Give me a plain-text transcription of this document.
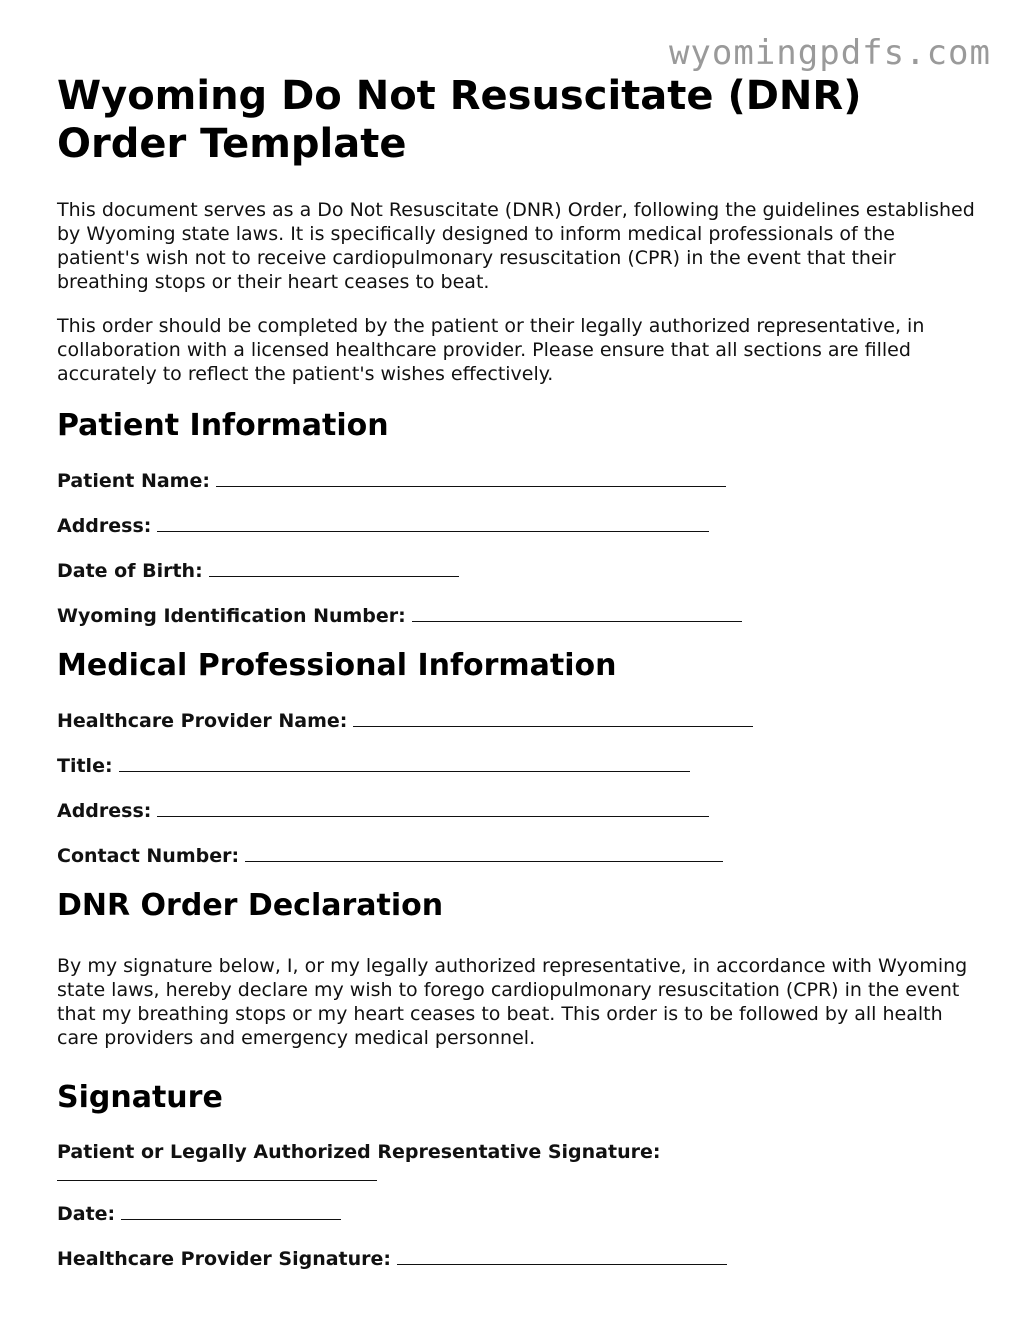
wyomingpdfs.com
Wyoming Do Not Resuscitate (DNR) Order Template

This document serves as a Do Not Resuscitate (DNR) Order, following the guidelines established by Wyoming state laws. It is specifically designed to inform medical professionals of the patient's wish not to receive cardiopulmonary resuscitation (CPR) in the event that their breathing stops or their heart ceases to beat.

This order should be completed by the patient or their legally authorized representative, in collaboration with a licensed healthcare provider. Please ensure that all sections are filled accurately to reflect the patient's wishes effectively.

Patient Information
Patient Name:
Address:
Date of Birth:
Wyoming Identification Number:
Medical Professional Information
Healthcare Provider Name:
Title:
Address:
Contact Number:
DNR Order Declaration

By my signature below, I, or my legally authorized representative, in accordance with Wyoming state laws, hereby declare my wish to forego cardiopulmonary resuscitation (CPR) in the event that my breathing stops or my heart ceases to beat. This order is to be followed by all health care providers and emergency medical personnel.

Signature
Patient or Legally Authorized Representative Signature:
Date:
Healthcare Provider Signature:
